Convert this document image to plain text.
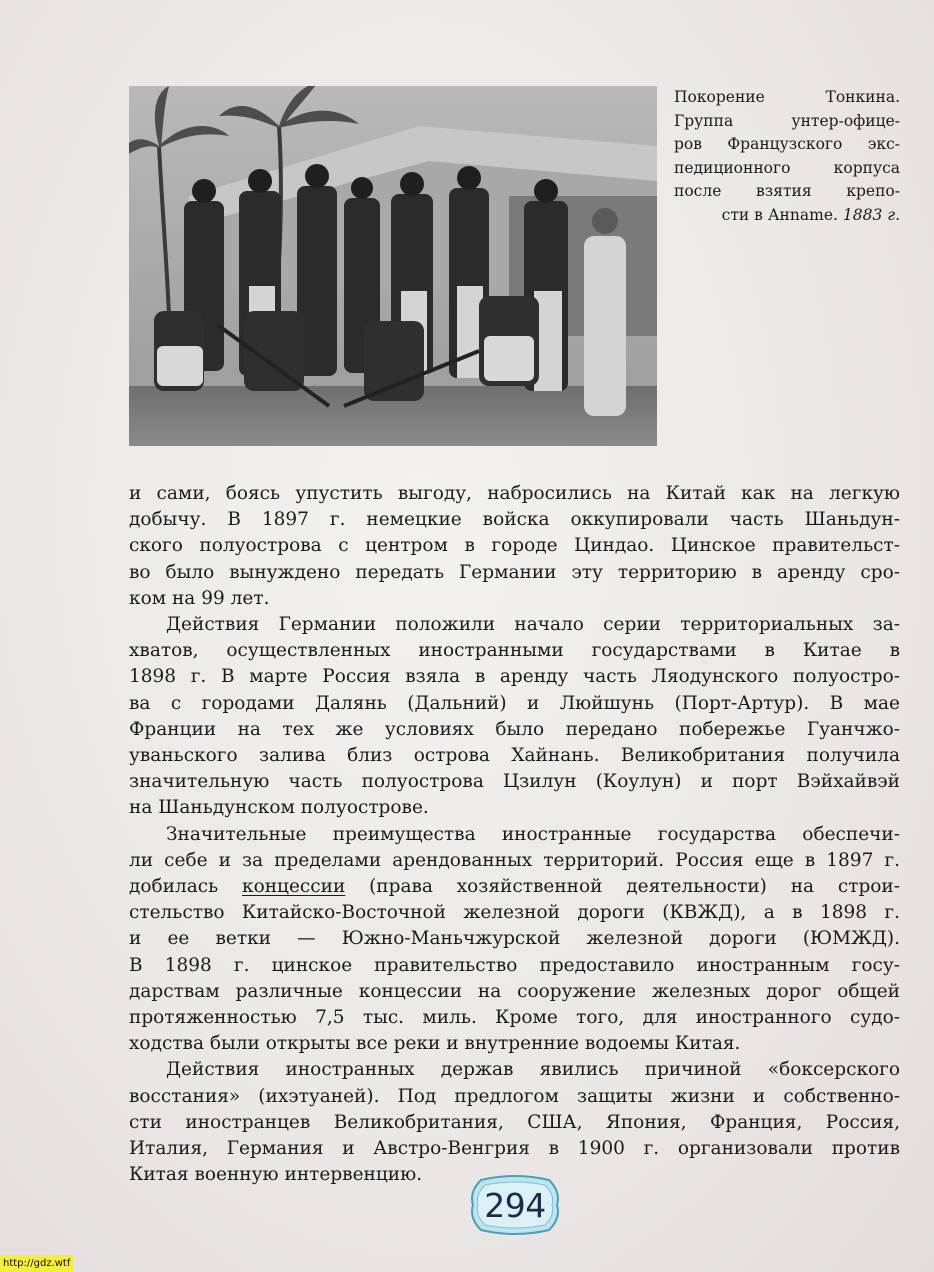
Покорение Тонкина.
Группа унтер-офице-
ров Французского экс-
педиционного корпуса
после взятия крепо-
сти в Анname. 1883 г.
и сами, боясь упустить выгоду, набросились на Китай как на легкую
добычу. В 1897 г. немецкие войска оккупировали часть Шаньдун-
ского полуострова с центром в городе Циндао. Цинское правительст-
во было вынуждено передать Германии эту территорию в аренду сро-
ком на 99 лет.
Действия Германии положили начало серии территориальных за-
хватов, осуществленных иностранными государствами в Китае в
1898 г. В марте Россия взяла в аренду часть Ляодунского полуостро-
ва с городами Далянь (Дальний) и Люйшунь (Порт-Артур). В мае
Франции на тех же условиях было передано побережье Гуанчжо-
уваньского залива близ острова Хайнань. Великобритания получила
значительную часть полуострова Цзилун (Коулун) и порт Вэйхайвэй
на Шаньдунском полуострове.
Значительные преимущества иностранные государства обеспечи-
ли себе и за пределами арендованных территорий. Россия еще в 1897 г.
добилась концессии (права хозяйственной деятельности) на строи-
стельство Китайско-Восточной железной дороги (КВЖД), а в 1898 г.
и ее ветки — Южно-Маньчжурской железной дороги (ЮМЖД).
В 1898 г. цинское правительство предоставило иностранным госу-
дарствам различные концессии на сооружение железных дорог общей
протяженностью 7,5 тыс. миль. Кроме того, для иностранного судо-
ходства были открыты все реки и внутренние водоемы Китая.
Действия иностранных держав явились причиной «боксерского
восстания» (ихэтуаней). Под предлогом защиты жизни и собственно-
сти иностранцев Великобритания, США, Япония, Франция, Россия,
Италия, Германия и Австро-Венгрия в 1900 г. организовали против
Китая военную интервенцию.
294
http://gdz.wtf
